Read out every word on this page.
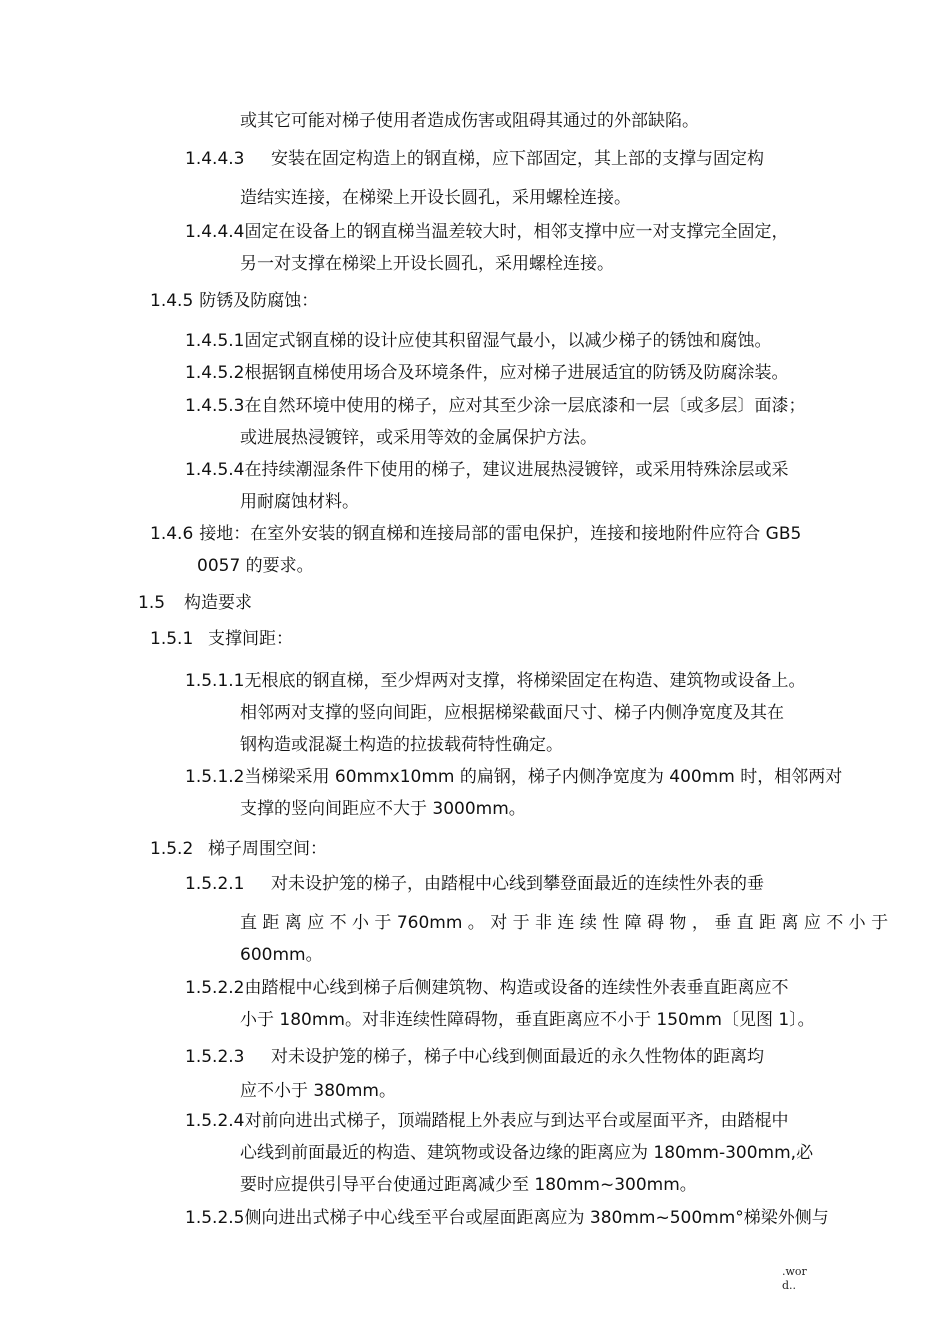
或其它可能对梯子使用者造成伤害或阻碍其通过的外部缺陷。
1.4.4.3 安装在固定构造上的钢直梯，应下部固定，其上部的支撑与固定构
造结实连接，在梯梁上开设长圆孔，采用螺栓连接。
1.4.4.4固定在设备上的钢直梯当温差较大时，相邻支撑中应一对支撑完全固定，
另一对支撑在梯梁上开设长圆孔，采用螺栓连接。
1.4.5 防锈及防腐蚀：
1.4.5.1固定式钢直梯的设计应使其积留湿气最小，以减少梯子的锈蚀和腐蚀。
1.4.5.2根据钢直梯使用场合及环境条件，应对梯子进展适宜的防锈及防腐涂装。
1.4.5.3在自然环境中使用的梯子，应对其至少涂一层底漆和一层〔或多层〕面漆；
或进展热浸镀锌，或采用等效的金属保护方法。
1.4.5.4在持续潮湿条件下使用的梯子，建议进展热浸镀锌，或采用特殊涂层或采
用耐腐蚀材料。
1.4.6 接地：在室外安装的钢直梯和连接局部的雷电保护，连接和接地附件应符合 GB5
0057 的要求。
1.5 构造要求
1.5.1 支撑间距：
1.5.1.1无根底的钢直梯，至少焊两对支撑，将梯梁固定在构造、建筑物或设备上。
相邻两对支撑的竖向间距，应根据梯梁截面尺寸、梯子内侧净宽度及其在
钢构造或混凝土构造的拉拔载荷特性确定。
1.5.1.2当梯梁采用 60mmx10mm 的扁钢，梯子内侧净宽度为 400mm 时，相邻两对
支撑的竖向间距应不大于 3000mm。
1.5.2 梯子周围空间：
1.5.2.1 对未设护笼的梯子，由踏棍中心线到攀登面最近的连续性外表的垂
直 距 离 应 不 小 于 760mm 。 对 于 非 连 续 性 障 碍 物 ， 垂 直 距 离 应 不 小 于
600mm。
1.5.2.2由踏棍中心线到梯子后侧建筑物、构造或设备的连续性外表垂直距离应不
小于 180mm。对非连续性障碍物，垂直距离应不小于 150mm〔见图 1〕。
1.5.2.3 对未设护笼的梯子，梯子中心线到侧面最近的永久性物体的距离均
应不小于 380mm。
1.5.2.4对前向进出式梯子，顶端踏棍上外表应与到达平台或屋面平齐，由踏棍中
心线到前面最近的构造、建筑物或设备边缘的距离应为 180mm-300mm,必
要时应提供引导平台使通过距离减少至 180mm~300mm。
1.5.2.5侧向进出式梯子中心线至平台或屋面距离应为 380mm~500mm°梯梁外侧与
.wor
d..
